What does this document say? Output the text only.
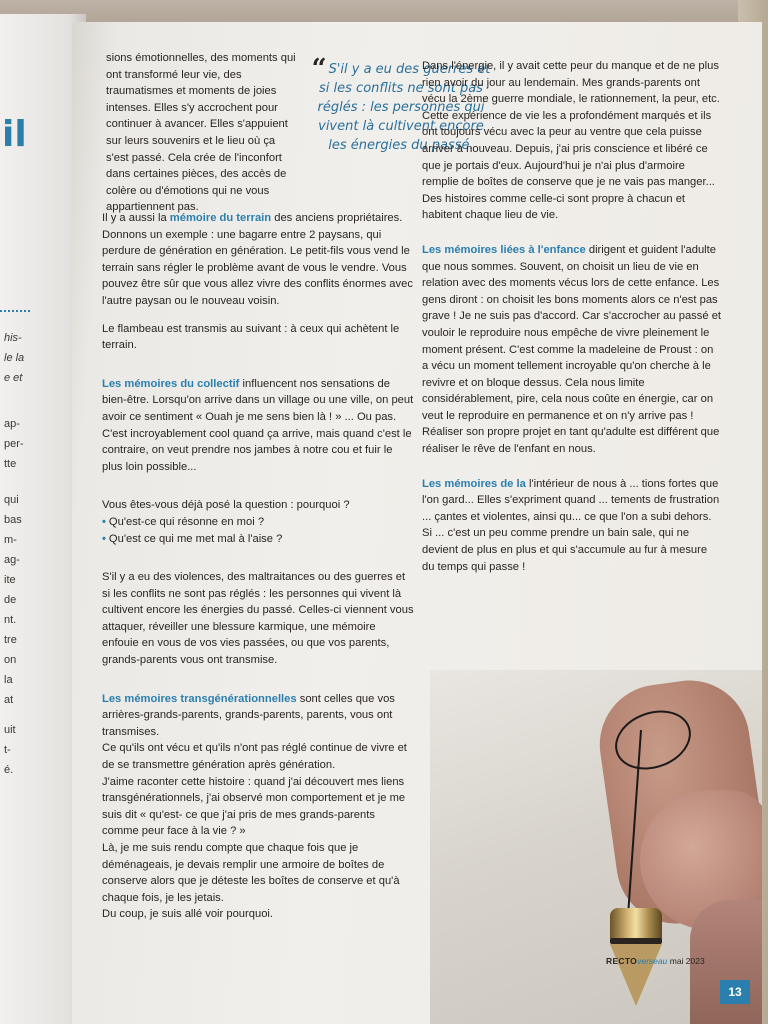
il
his-
le la
e et
ap-
per-
tte
qui
bas
m-
ag-
ite
de
nt.
tre
on
la
at
uit
t-
é.

sions émotionnelles, des moments qui ont transformé leur vie, des traumatismes et moments de joies intenses. Elles s'y accrochent pour continuer à avancer. Elles s'appuient sur leurs souvenirs et le lieu où ça s'est passé. Cela crée de l'inconfort dans certaines pièces, des accès de colère ou d'émotions qui ne vous appartiennent pas.

“ S'il y a eu des guerres et si les conflits ne sont pas réglés : les personnes qui vivent là cultivent encore les énergies du passé.

Il y a aussi la mémoire du terrain des anciens propriétaires. Donnons un exemple : une bagarre entre 2 paysans, qui perdure de génération en génération. Le petit-fils vous vend le terrain sans régler le problème avant de vous le vendre. Vous pouvez être sûr que vous allez vivre des conflits énormes avec l'autre paysan ou le nouveau voisin.

Le flambeau est transmis au suivant : à ceux qui achètent le terrain.

Les mémoires du collectif influencent nos sensations de bien-être. Lorsqu'on arrive dans un village ou une ville, on peut avoir ce sentiment « Ouah je me sens bien là ! » ... Ou pas. C'est incroyablement cool quand ça arrive, mais quand c'est le contraire, on veut prendre nos jambes à notre cou et fuir le plus loin possible...

Vous êtes-vous déjà posé la question : pourquoi ?

• Qu'est-ce qui résonne en moi ?

• Qu'est ce qui me met mal à l'aise ?

S'il y a eu des violences, des maltraitances ou des guerres et si les conflits ne sont pas réglés : les personnes qui vivent là cultivent encore les énergies du passé. Celles-ci viennent vous attaquer, réveiller une blessure karmique, une mémoire enfouie en vous de vos vies passées, ou que vos parents, grands-parents vous ont transmise.

Les mémoires transgénérationnelles sont celles que vos arrières-grands-parents, grands-parents, parents, vous ont transmises.

Ce qu'ils ont vécu et qu'ils n'ont pas réglé continue de vivre et de se transmettre génération après génération.

J'aime raconter cette histoire : quand j'ai découvert mes liens transgénérationnels, j'ai observé mon comportement et je me suis dit « qu'est- ce que j'ai pris de mes grands-parents comme peur face à la vie ? »

Là, je me suis rendu compte que chaque fois que je déménageais, je devais remplir une armoire de boîtes de conserve alors que je déteste les boîtes de conserve et qu'à chaque fois, je les jetais.

Du coup, je suis allé voir pourquoi.

Dans l'énergie, il y avait cette peur du manque et de ne plus rien avoir du jour au lendemain. Mes grands-parents ont vécu la 2ème guerre mondiale, le rationnement, la peur, etc. Cette expérience de vie les a profondément marqués et ils ont toujours vécu avec la peur au ventre que cela puisse arriver à nouveau. Depuis, j'ai pris conscience et libéré ce que je portais d'eux. Aujourd'hui je n'ai plus d'armoire remplie de boîtes de conserve que je ne vais pas manger...

Des histoires comme celle-ci sont propre à chacun et habitent chaque lieu de vie.

Les mémoires liées à l'enfance dirigent et guident l'adulte que nous sommes. Souvent, on choisit un lieu de vie en relation avec des moments vécus lors de cette enfance. Les gens diront : on choisit les bons moments alors ce n'est pas grave ! Je ne suis pas d'accord. Car s'accrocher au passé et vouloir le reproduire nous empêche de vivre pleinement le moment présent. C'est comme la madeleine de Proust : on a vécu un moment tellement incroyable qu'on cherche à le revivre et on bloque dessus. Cela nous limite considérablement, pire, cela nous coûte en énergie, car on veut le reproduire en permanence et on n'y arrive pas !

Réaliser son propre projet en tant qu'adulte est différent que réaliser le rêve de l'enfant en nous.

Les mémoires de la l'intérieur de nous à ... tions fortes que l'on gard... Elles s'expriment quand ... tements de frustration ... çantes et violentes, ainsi qu... ce que l'on a subi dehors. Si ... c'est un peu comme prendre un bain sale, qui ne devient de plus en plus et qui s'accumule au fur à mesure du temps qui passe !

RECTOverseau mai 2023
13
